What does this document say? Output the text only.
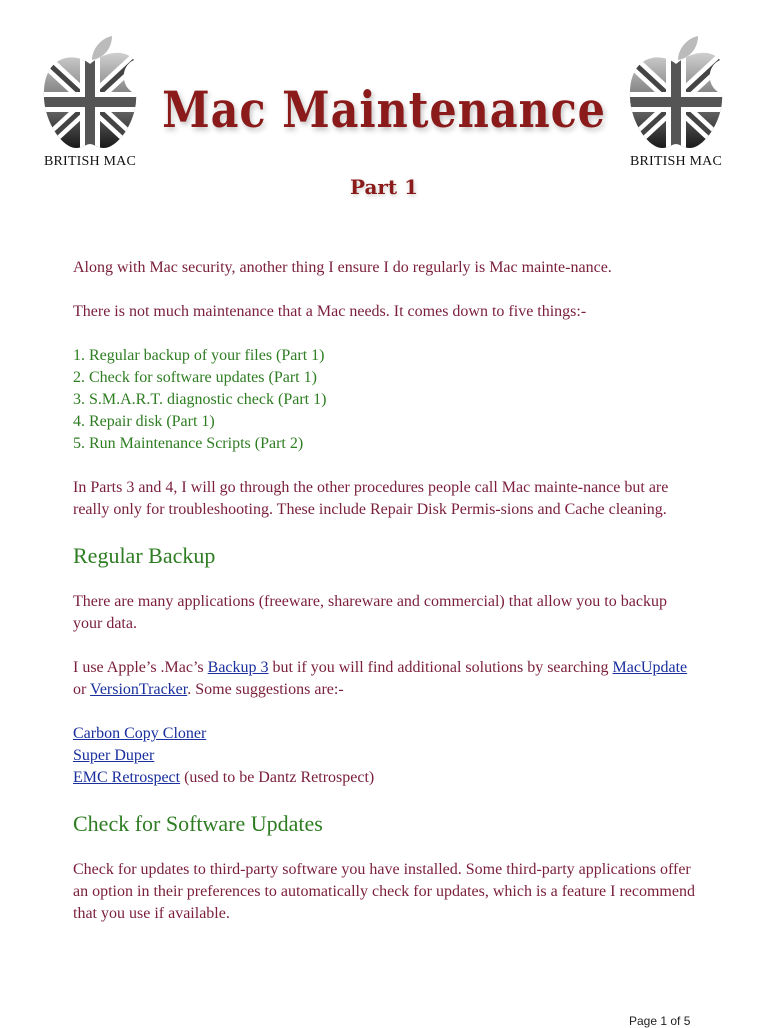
BRITISH MAC	BRITISH MAC
Mac Maintenance
Part 1

Along with Mac security, another thing I ensure I do regularly is Mac mainte-nance.

There is not much maintenance that a Mac needs. It comes down to five things:-

1. Regular backup of your files (Part 1)
2. Check for software updates (Part 1)
3. S.M.A.R.T. diagnostic check (Part 1)
4. Repair disk (Part 1)
5. Run Maintenance Scripts (Part 2)

In Parts 3 and 4, I will go through the other procedures people call Mac mainte-nance but are really only for troubleshooting. These include Repair Disk Permis-sions and Cache cleaning.

Regular Backup

There are many applications (freeware, shareware and commercial) that allow you to backup your data.

I use Apple’s .Mac’s Backup 3 but if you will find additional solutions by searching MacUpdate or VersionTracker. Some suggestions are:-

Carbon Copy Cloner
Super Duper
EMC Retrospect (used to be Dantz Retrospect)
Check for Software Updates

Check for updates to third-party software you have installed. Some third-party applications offer an option in their preferences to automatically check for updates, which is a feature I recommend that you use if available.

Page 1 of 5
